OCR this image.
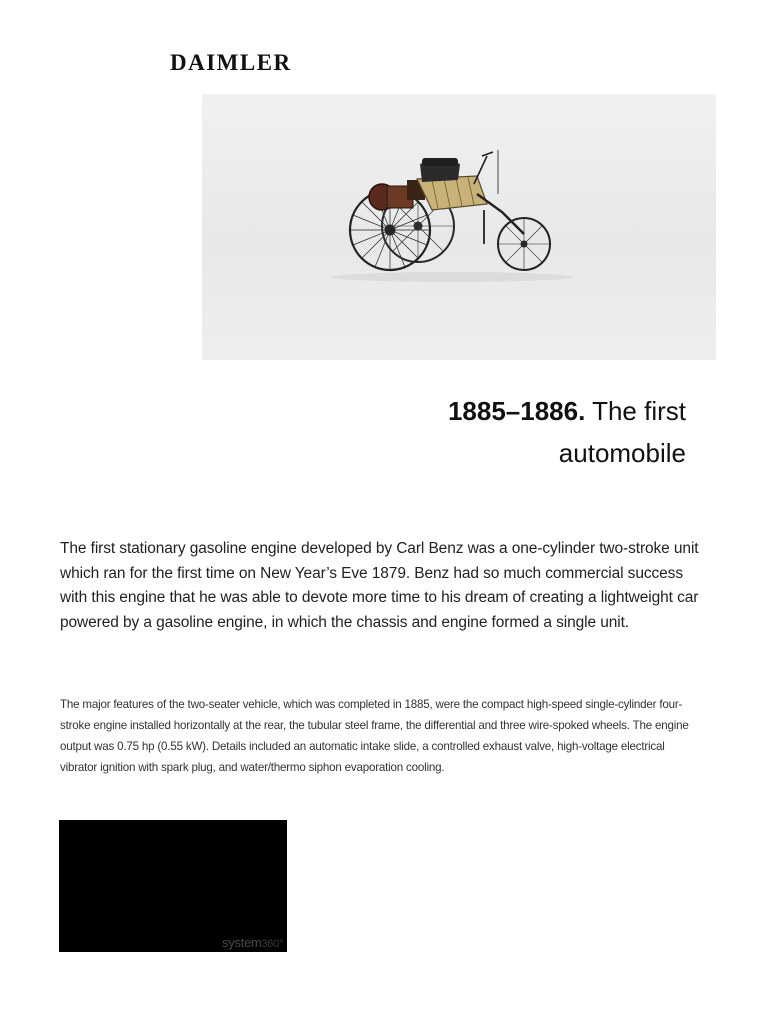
DAIMLER
1885–1886. The first
automobile

The first stationary gasoline engine developed by Carl Benz was a one-cylinder two-stroke unit which ran for the first time on New Year’s Eve 1879. Benz had so much commercial success with this engine that he was able to devote more time to his dream of creating a lightweight car powered by a gasoline engine, in which the chassis and engine formed a single unit.

The major features of the two-seater vehicle, which was completed in 1885, were the compact high-speed single-cylinder four-stroke engine installed horizontally at the rear, the tubular steel frame, the differential and three wire-spoked wheels. The engine output was 0.75 hp (0.55 kW). Details included an automatic intake slide, a controlled exhaust valve, high-voltage electrical vibrator ignition with spark plug, and water/thermo siphon evaporation cooling.

system360°
